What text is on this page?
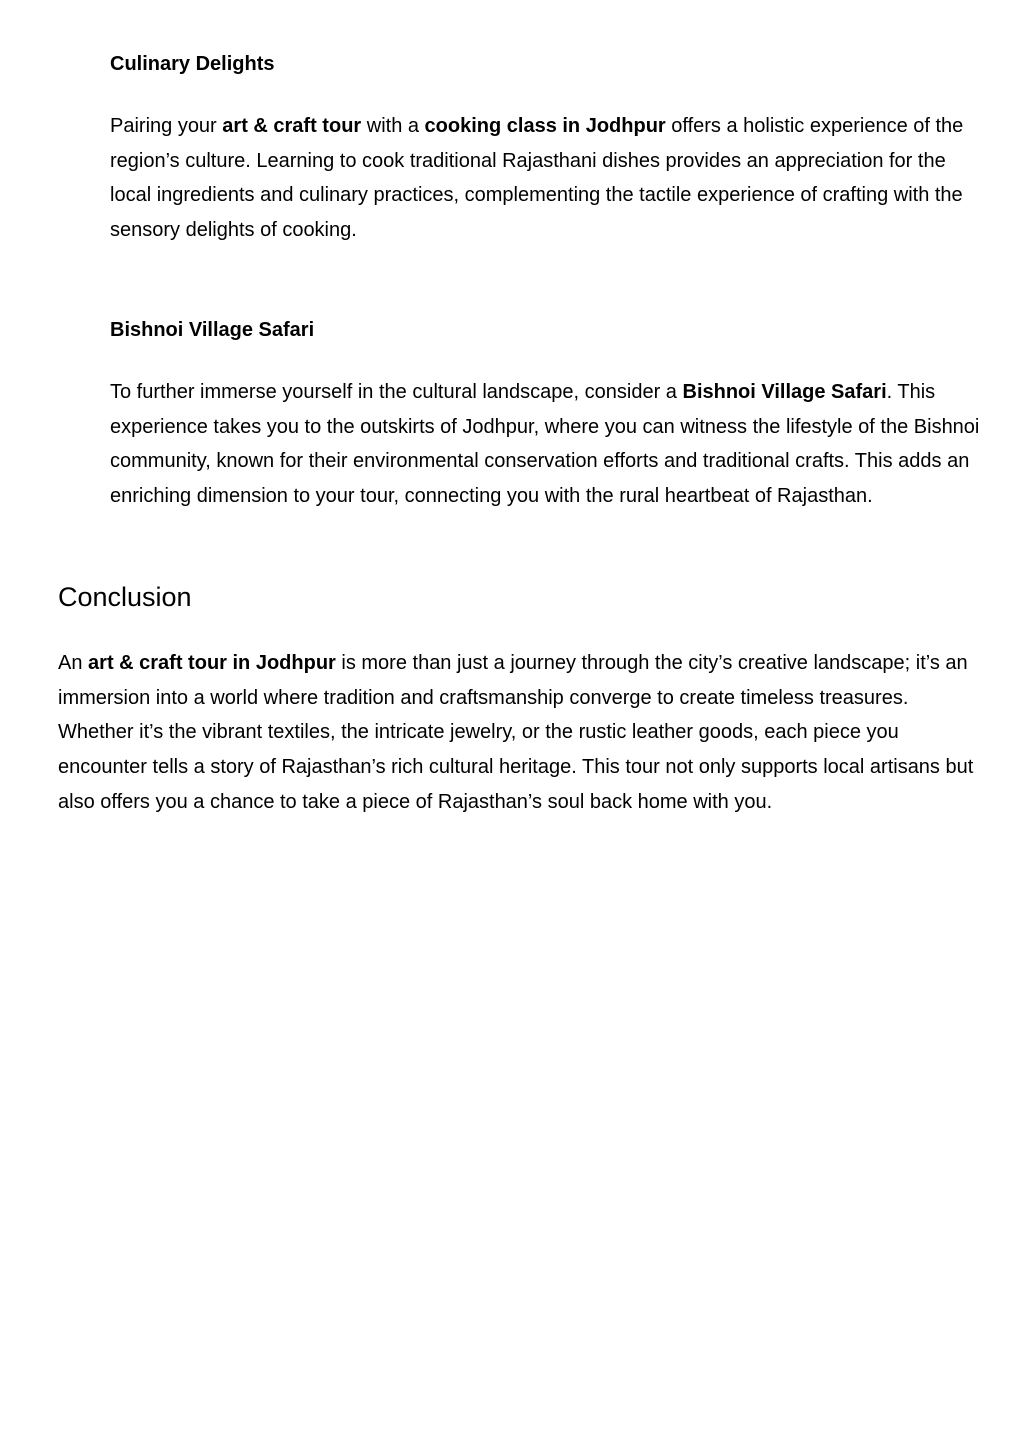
Culinary Delights

Pairing your art & craft tour with a cooking class in Jodhpur offers a holistic experience of the region’s culture. Learning to cook traditional Rajasthani dishes provides an appreciation for the local ingredients and culinary practices, complementing the tactile experience of crafting with the sensory delights of cooking.

Bishnoi Village Safari

To further immerse yourself in the cultural landscape, consider a Bishnoi Village Safari. This experience takes you to the outskirts of Jodhpur, where you can witness the lifestyle of the Bishnoi community, known for their environmental conservation efforts and traditional crafts. This adds an enriching dimension to your tour, connecting you with the rural heartbeat of Rajasthan.

Conclusion

An art & craft tour in Jodhpur is more than just a journey through the city’s creative landscape; it’s an immersion into a world where tradition and craftsmanship converge to create timeless treasures. Whether it’s the vibrant textiles, the intricate jewelry, or the rustic leather goods, each piece you encounter tells a story of Rajasthan’s rich cultural heritage. This tour not only supports local artisans but also offers you a chance to take a piece of Rajasthan’s soul back home with you.
